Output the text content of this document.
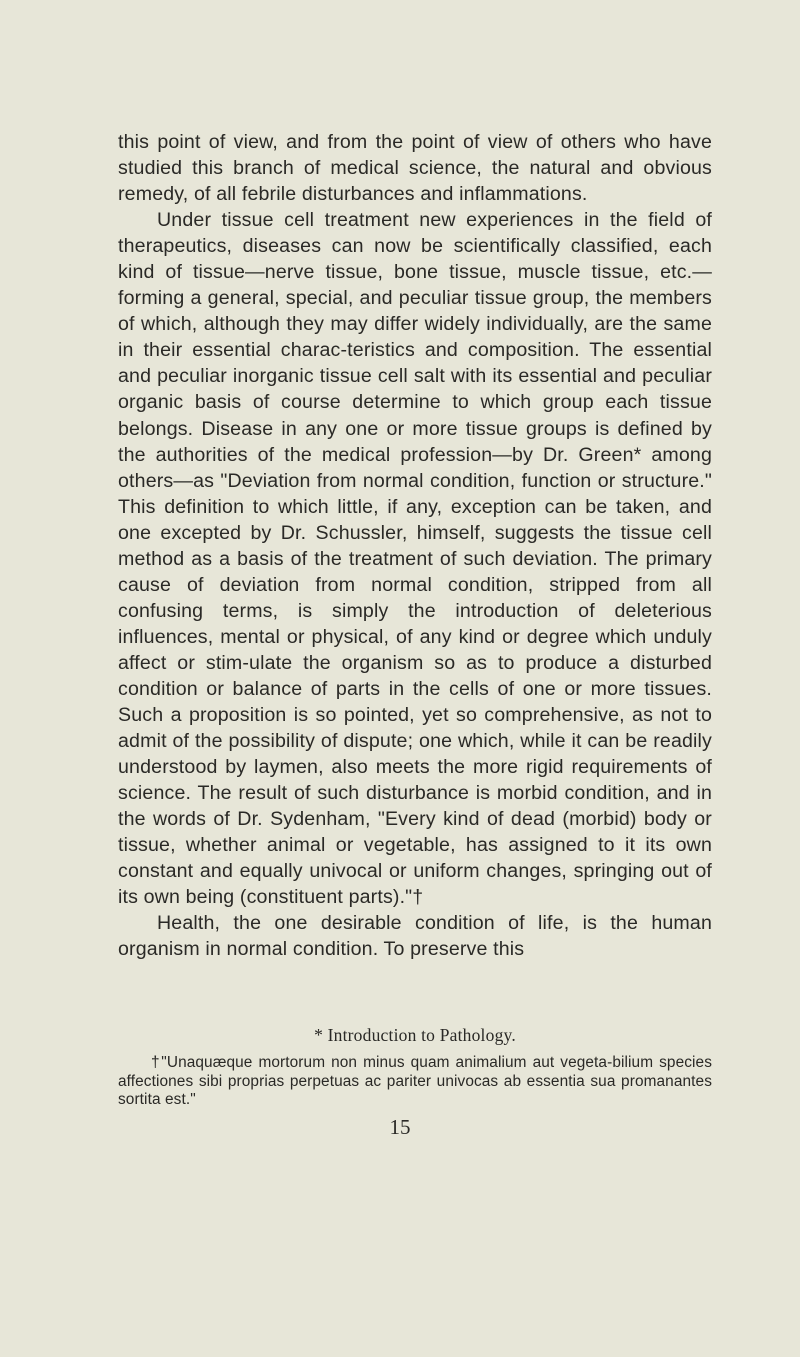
this point of view, and from the point of view of others who have studied this branch of medical science, the natural and obvious remedy, of all febrile disturbances and inflammations.

Under tissue cell treatment new experiences in the field of therapeutics, diseases can now be scientifically classified, each kind of tissue—nerve tissue, bone tissue, muscle tissue, etc.—forming a general, special, and peculiar tissue group, the members of which, although they may differ widely individually, are the same in their essential charac-teristics and composition. The essential and peculiar inorganic tissue cell salt with its essential and peculiar organic basis of course determine to which group each tissue belongs. Disease in any one or more tissue groups is defined by the authorities of the medical profession—by Dr. Green* among others—as "Deviation from normal condition, function or structure." This definition to which little, if any, exception can be taken, and one excepted by Dr. Schussler, himself, suggests the tissue cell method as a basis of the treatment of such deviation. The primary cause of deviation from normal condition, stripped from all confusing terms, is simply the introduction of deleterious influences, mental or physical, of any kind or degree which unduly affect or stim-ulate the organism so as to produce a disturbed condition or balance of parts in the cells of one or more tissues. Such a proposition is so pointed, yet so comprehensive, as not to admit of the possibility of dispute; one which, while it can be readily understood by laymen, also meets the more rigid requirements of science. The result of such disturbance is morbid condition, and in the words of Dr. Sydenham, "Every kind of dead (morbid) body or tissue, whether animal or vegetable, has assigned to it its own constant and equally univocal or uniform changes, springing out of its own being (constituent parts)."†

Health, the one desirable condition of life, is the human organism in normal condition. To preserve this

* Introduction to Pathology.

†"Unaquæque mortorum non minus quam animalium aut vegeta-bilium species affectiones sibi proprias perpetuas ac pariter univocas ab essentia sua promanantes sortita est."

15
